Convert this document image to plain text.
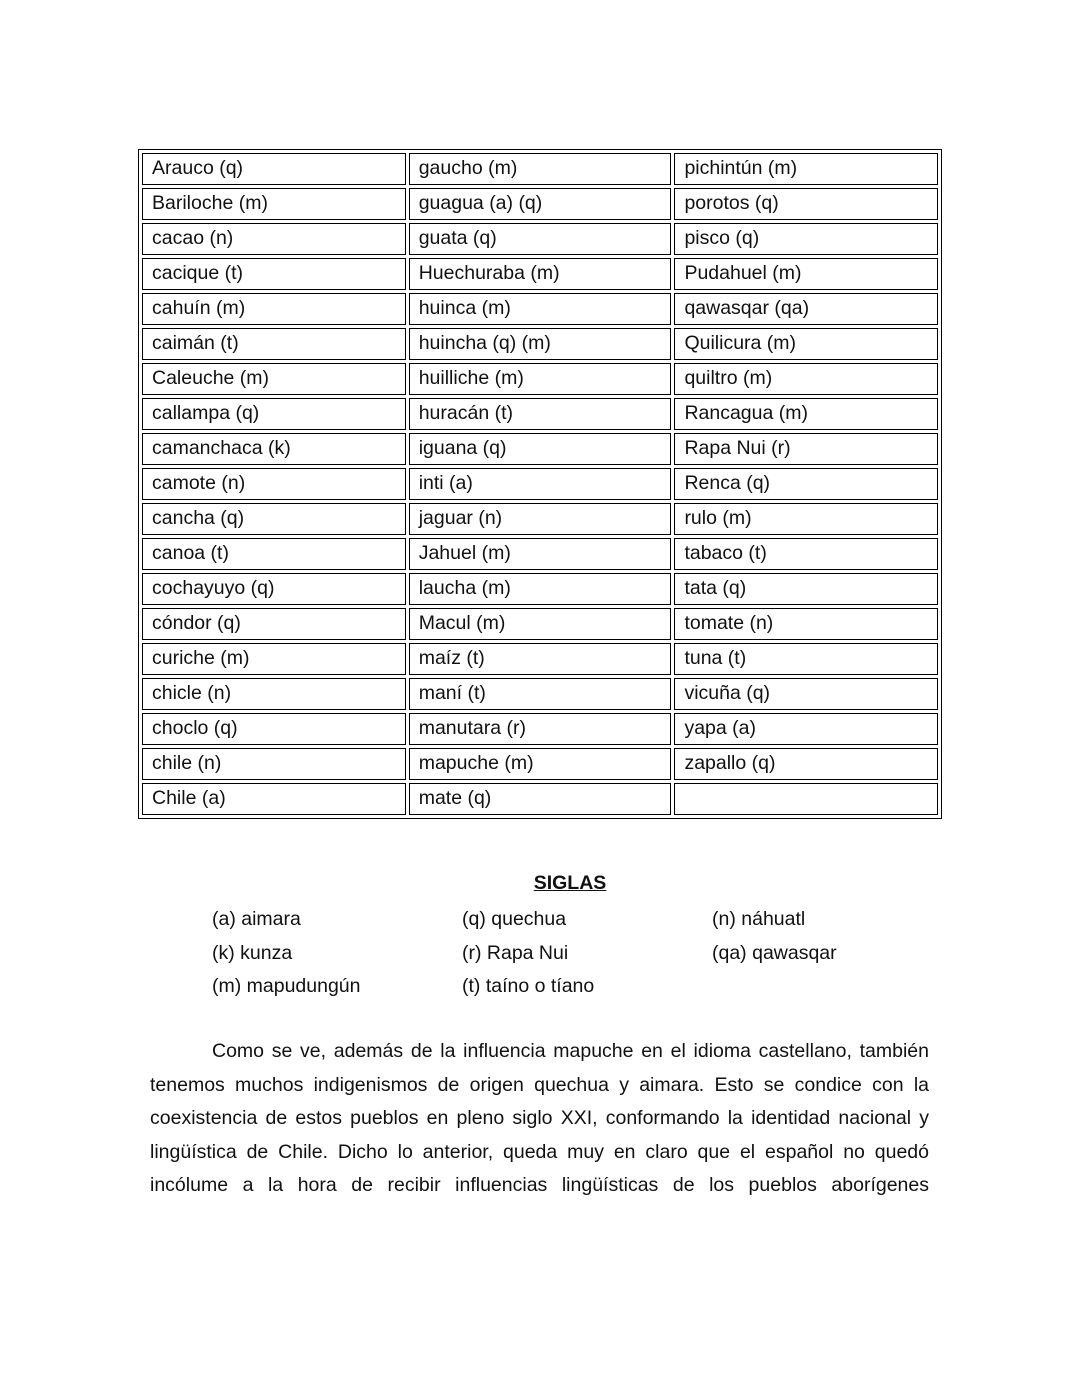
Arauco (q)	gaucho (m)	pichintún (m)
Bariloche (m)	guagua (a) (q)	porotos (q)
cacao (n)	guata (q)	pisco (q)
cacique (t)	Huechuraba (m)	Pudahuel (m)
cahuín (m)	huinca (m)	qawasqar (qa)
caimán (t)	huincha (q) (m)	Quilicura (m)
Caleuche (m)	huilliche (m)	quiltro (m)
callampa (q)	huracán (t)	Rancagua (m)
camanchaca (k)	iguana (q)	Rapa Nui (r)
camote (n)	inti (a)	Renca (q)
cancha (q)	jaguar (n)	rulo (m)
canoa (t)	Jahuel (m)	tabaco (t)
cochayuyo (q)	laucha (m)	tata (q)
cóndor (q)	Macul (m)	tomate (n)
curiche (m)	maíz (t)	tuna (t)
chicle (n)	maní (t)	vicuña (q)
choclo (q)	manutara (r)	yapa (a)
chile (n)	mapuche (m)	zapallo (q)
Chile (a)	mate (q)	
SIGLAS
(a) aimara	(q) quechua	(n) náhuatl
(k) kunza	(r) Rapa Nui	(qa) qawasqar
(m) mapudungún	(t) taíno o tíano

Como se ve, además de la influencia mapuche en el idioma castellano, también tenemos muchos indigenismos de origen quechua y aimara. Esto se condice con la coexistencia de estos pueblos en pleno siglo XXI, conformando la identidad nacional y lingüística de Chile. Dicho lo anterior, queda muy en claro que el español no quedó incólume a la hora de recibir influencias lingüísticas de los pueblos aborígenes
